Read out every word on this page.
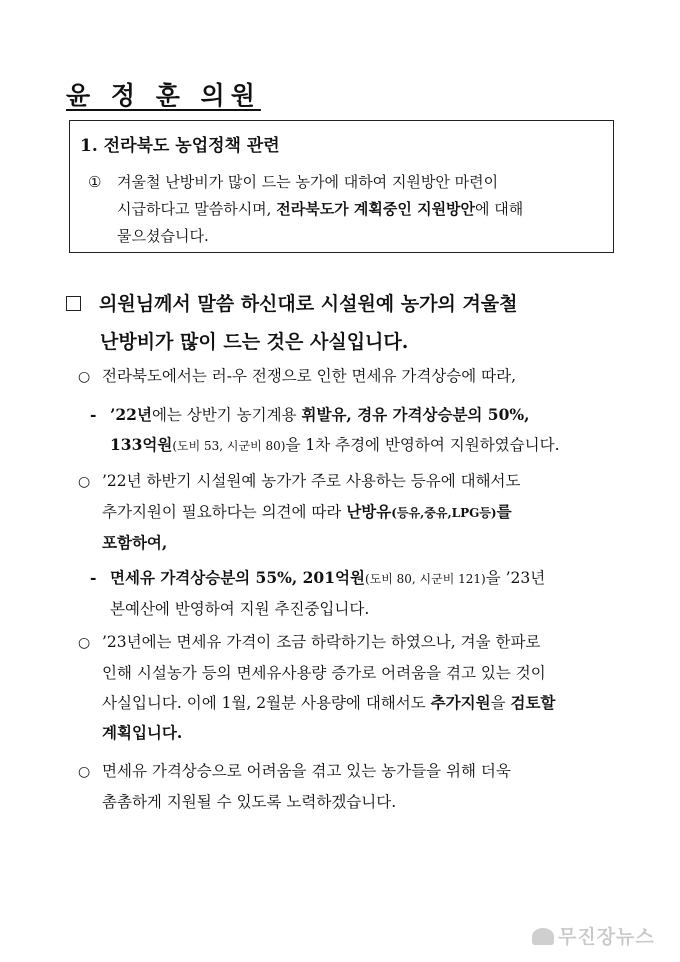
윤 정 훈 의원
1. 전라북도 농업정책 관련
① 겨울철 난방비가 많이 드는 농가에 대하여 지원방안 마련이
시급하다고 말씀하시며, 전라북도가 계획중인 지원방안에 대해
물으셨습니다.
의원님께서 말씀 하신대로 시설원예 농가의 겨울철
난방비가 많이 드는 것은 사실입니다.
○ 전라북도에서는 러-우 전쟁으로 인한 면세유 가격상승에 따라,
- ’22년에는 상반기 농기계용 휘발유, 경유 가격상승분의 50%,
133억원(도비 53, 시군비 80)을 1차 추경에 반영하여 지원하였습니다.
○ ’22년 하반기 시설원예 농가가 주로 사용하는 등유에 대해서도
추가지원이 필요하다는 의견에 따라 난방유(등유,중유,LPG등)를
포함하여,
- 면세유 가격상승분의 55%, 201억원(도비 80, 시군비 121)을 ’23년
본예산에 반영하여 지원 추진중입니다.
○ ’23년에는 면세유 가격이 조금 하락하기는 하였으나, 겨울 한파로
인해 시설농가 등의 면세유사용량 증가로 어려움을 겪고 있는 것이
사실입니다. 이에 1월, 2월분 사용량에 대해서도 추가지원을 검토할
계획입니다.
○ 면세유 가격상승으로 어려움을 겪고 있는 농가들을 위해 더욱
촘촘하게 지원될 수 있도록 노력하겠습니다.
무진장뉴스
